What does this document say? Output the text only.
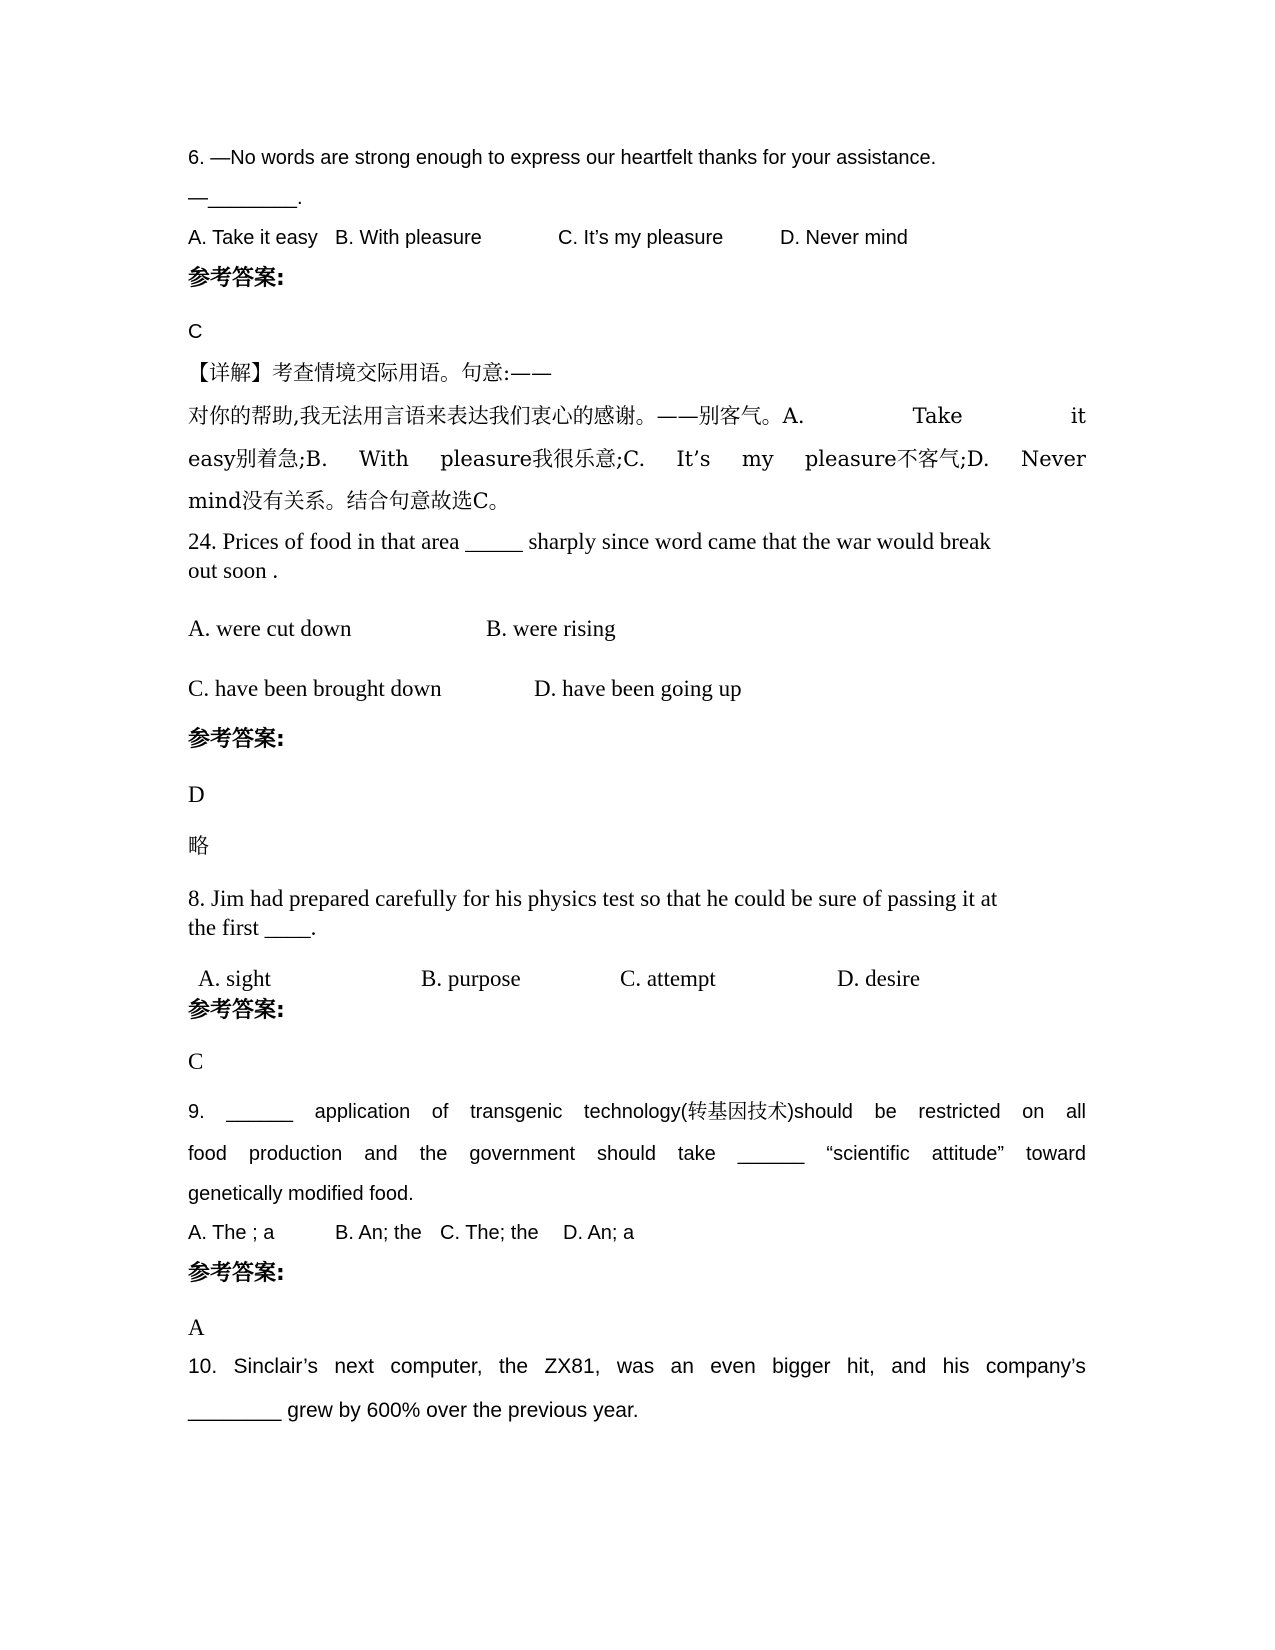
6. —No words are strong enough to express our heartfelt thanks for your assistance.
—________.
A. Take it easy B. With pleasure	C. It’s my pleasure	D. Never mind
参考答案:
C
【详解】考查情境交际用语。句意:——
对你的帮助,我无法用言语来表达我们衷心的感谢。——别客气。A.	Take	it
easy别着急;B. With pleasure我很乐意;C. It’s my pleasure不客气;D. Never
mind没有关系。结合句意故选C。
24. Prices of food in that area _____ sharply since word came that the war would break
out soon .
A. were cut down	B. were rising
C. have been brought down	D. have been going up
参考答案:
D
略
8. Jim had prepared carefully for his physics test so that he could be sure of passing it at
the first ____.
A. sight	B. purpose	C. attempt	D. desire
参考答案:
C
9. ______ application of transgenic technology(转基因技术)should be restricted on all
food production and the government should take ______ “scientific attitude” toward
genetically modified food.
A. The ; a	B. An; the C. The; the D. An; a
参考答案:
A
10. Sinclair’s next computer, the ZX81, was an even bigger hit, and his company’s
________ grew by 600% over the previous year.
